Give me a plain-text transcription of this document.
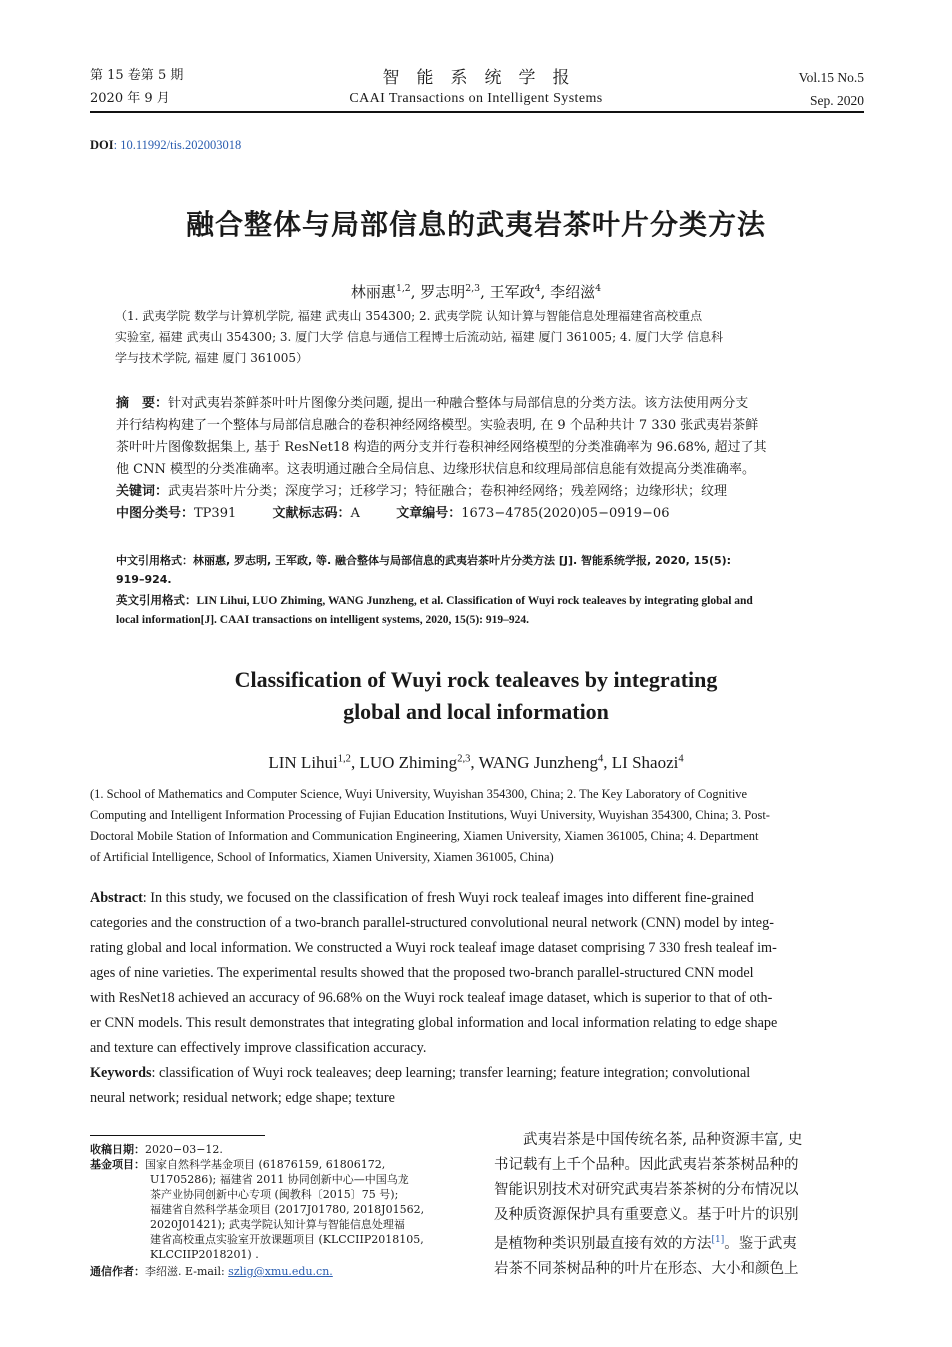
第 15 卷第 5 期
2020 年 9 月
智　能　系　统　学　报
CAAI Transactions on Intelligent Systems
Vol.15 No.5
Sep. 2020
DOI: 10.11992/tis.202003018
融合整体与局部信息的武夷岩茶叶片分类方法
林丽惠$^{1,2}$, 罗志明$^{2,3}$, 王军政$^4$, 李绍滋$^4$
（1. 武夷学院 数学与计算机学院, 福建 武夷山 354300; 2. 武夷学院 认知计算与智能信息处理福建省高校重点
实验室, 福建 武夷山 354300; 3. 厦门大学 信息与通信工程博士后流动站, 福建 厦门 361005; 4. 厦门大学 信息科
学与技术学院, 福建 厦门 361005）
摘　要：针对武夷岩茶鲜茶叶叶片图像分类问题, 提出一种融合整体与局部信息的分类方法。该方法使用两分支
并行结构构建了一个整体与局部信息融合的卷积神经网络模型。实验表明, 在 9 个品种共计 7 330 张武夷岩茶鲜
茶叶叶片图像数据集上, 基于 ResNet18 构造的两分支并行卷积神经网络模型的分类准确率为 96.68%, 超过了其
他 CNN 模型的分类准确率。这表明通过融合全局信息、边缘形状信息和纹理局部信息能有效提高分类准确率。
关键词：武夷岩茶叶片分类；深度学习；迁移学习；特征融合；卷积神经网络；残差网络；边缘形状；纹理
中图分类号：TP391	文献标志码：A	文章编号：1673−4785(2020)05−0919−06
中文引用格式：林丽惠, 罗志明, 王军政, 等. 融合整体与局部信息的武夷岩茶叶片分类方法 [J]. 智能系统学报, 2020, 15(5):
919–924.
英文引用格式：LIN Lihui, LUO Zhiming, WANG Junzheng, et al. Classification of Wuyi rock tealeaves by integrating global and
local information[J]. CAAI transactions on intelligent systems, 2020, 15(5): 919–924.
Classification of Wuyi rock tealeaves by integrating
global and local information
LIN Lihui$^{1,2}$, LUO Zhiming$^{2,3}$, WANG Junzheng$^4$, LI Shaozi$^4$
(1. School of Mathematics and Computer Science, Wuyi University, Wuyishan 354300, China; 2. The Key Laboratory of Cognitive
Computing and Intelligent Information Processing of Fujian Education Institutions, Wuyi University, Wuyishan 354300, China; 3. Post-
Doctoral Mobile Station of Information and Communication Engineering, Xiamen University, Xiamen 361005, China; 4. Department
of Artificial Intelligence, School of Informatics, Xiamen University, Xiamen 361005, China)
Abstract: In this study, we focused on the classification of fresh Wuyi rock tealeaf images into different fine-grained
categories and the construction of a two-branch parallel-structured convolutional neural network (CNN) model by integ-
rating global and local information. We constructed a Wuyi rock tealeaf image dataset comprising 7 330 fresh tealeaf im-
ages of nine varieties. The experimental results showed that the proposed two-branch parallel-structured CNN model
with ResNet18 achieved an accuracy of 96.68% on the Wuyi rock tealeaf image dataset, which is superior to that of oth-
er CNN models. This result demonstrates that integrating global information and local information relating to edge shape
and texture can effectively improve classification accuracy.
Keywords: classification of Wuyi rock tealeaves; deep learning; transfer learning; feature integration; convolutional
neural network; residual network; edge shape; texture
收稿日期：2020−03−12.
基金项目：国家自然科学基金项目 (61876159, 61806172,
U1705286); 福建省 2011 协同创新中心—中国乌龙
茶产业协同创新中心专项 (闽教科〔2015〕75 号);
福建省自然科学基金项目 (2017J01780, 2018J01562,
2020J01421); 武夷学院认知计算与智能信息处理福
建省高校重点实验室开放课题项目 (KLCCIIP2018105,
KLCCIIP2018201) .
通信作者：李绍滋. E-mail: szlig@xmu.edu.cn.
武夷岩茶是中国传统名茶, 品种资源丰富, 史
书记载有上千个品种。因此武夷岩茶茶树品种的
智能识别技术对研究武夷岩茶茶树的分布情况以
及种质资源保护具有重要意义。基于叶片的识别
是植物种类识别最直接有效的方法[1]。鉴于武夷
岩茶不同茶树品种的叶片在形态、大小和颜色上
